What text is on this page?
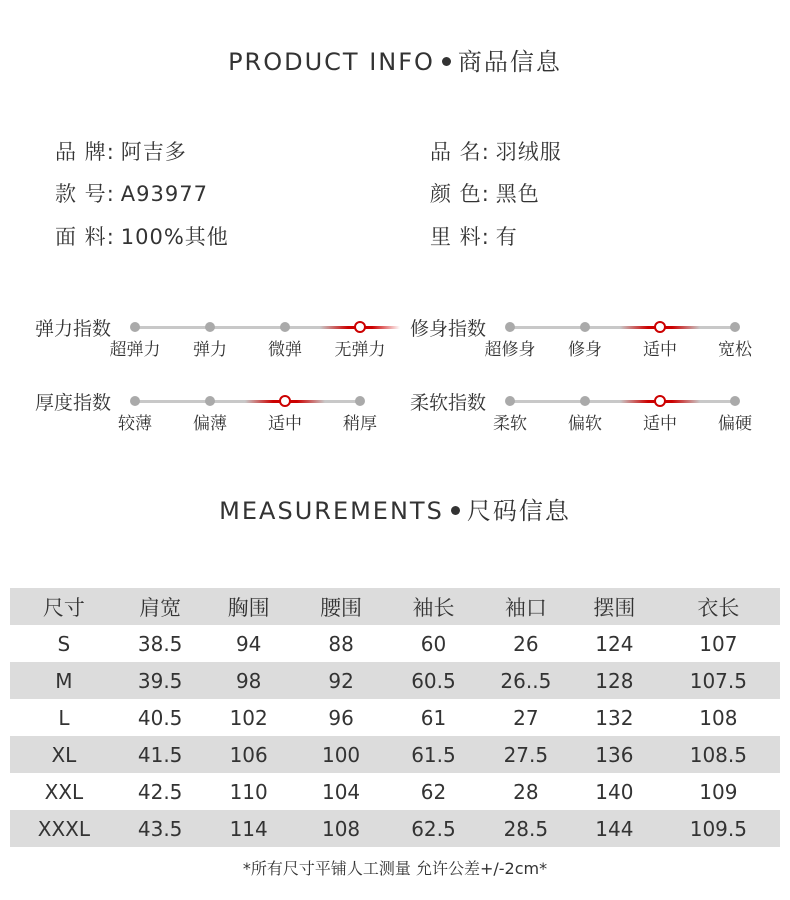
PRODUCT INFO 商品信息
品 牌: 阿吉多	品 名: 羽绒服
款 号: A93977	颜 色: 黑色
面 料: 100%其他	里 料: 有
弹力指数
超弹力 弹力 微弹 无弹力
修身指数
超修身 修身 适中 宽松
厚度指数
较薄 偏薄 适中 稍厚
柔软指数
柔软 偏软 适中 偏硬
MEASUREMENTS 尺码信息
尺寸	肩宽	胸围	腰围	袖长	袖口	摆围	衣长
S	38.5	94	88	60	26	124	107
M	39.5	98	92	60.5	26..5	128	107.5
L	40.5	102	96	61	27	132	108
XL	41.5	106	100	61.5	27.5	136	108.5
XXL	42.5	110	104	62	28	140	109
XXXL	43.5	114	108	62.5	28.5	144	109.5
*所有尺寸平铺人工测量 允许公差+/-2cm*
